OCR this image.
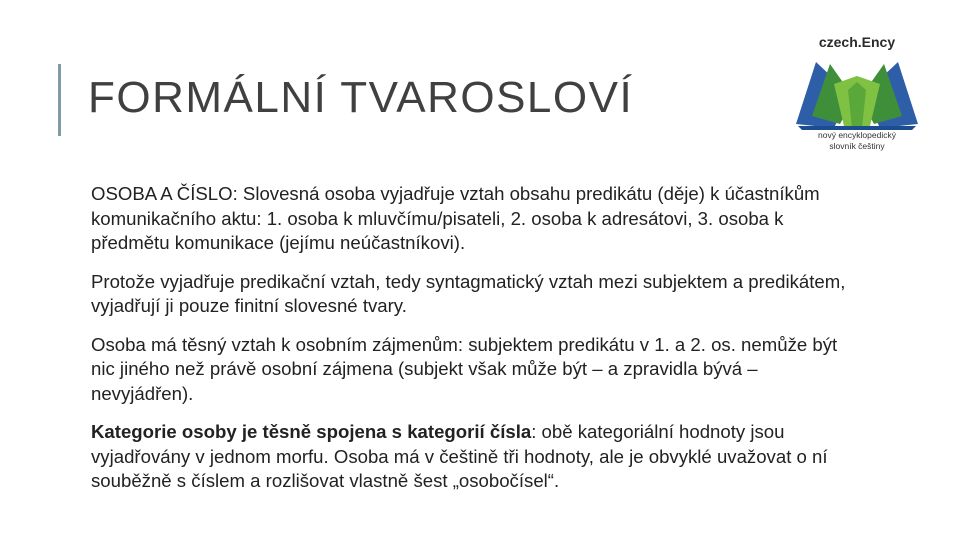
FORMÁLNÍ TVAROSLOVÍ
czech.Ency
nový encyklopedický
slovník češtiny

OSOBA A ČÍSLO: Slovesná osoba vyjadřuje vztah obsahu predikátu (děje) k účastníkům komunikačního aktu: 1. osoba k mluvčímu/pisateli, 2. osoba k adresátovi, 3. osoba k předmětu komunikace (jejímu neúčastníkovi).

Protože vyjadřuje predikační vztah, tedy syntagmatický vztah mezi subjektem a predikátem, vyjadřují ji pouze finitní slovesné tvary.

Osoba má těsný vztah k osobním zájmenům: subjektem predikátu v 1. a 2. os. nemůže být nic jiného než právě osobní zájmena (subjekt však může být – a zpravidla bývá – nevyjádřen).

Kategorie osoby je těsně spojena s kategorií čísla: obě kategoriální hodnoty jsou vyjadřovány v jednom morfu. Osoba má v češtině tři hodnoty, ale je obvyklé uvažovat o ní souběžně s číslem a rozlišovat vlastně šest „osobočísel“.
